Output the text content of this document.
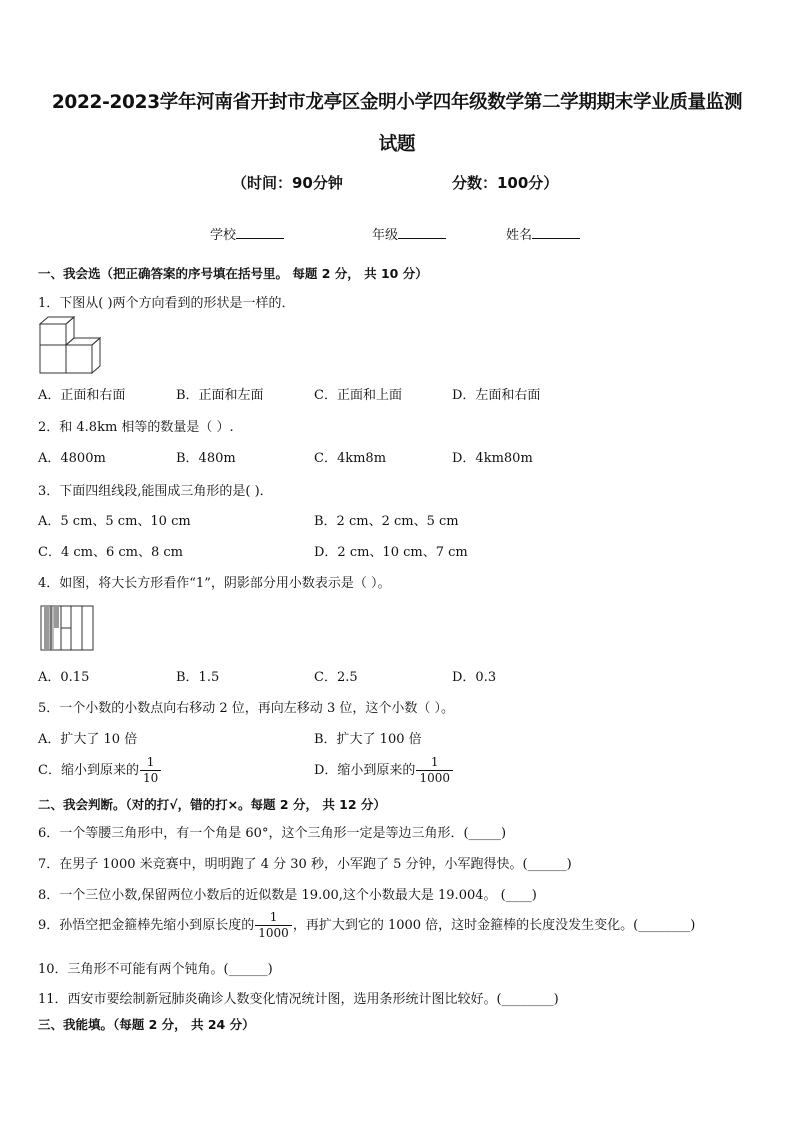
2022-2023学年河南省开封市龙亭区金明小学四年级数学第二学期期末学业质量监测
试题
（时间：90分钟	分数：100分）
学校	年级	姓名
一、我会选（把正确答案的序号填在括号里。 每题 2 分， 共 10 分）
1．下图从( )两个方向看到的形状是一样的．
A．正面和右面	B．正面和左面	C．正面和上面	D．左面和右面
2．和 4.8km 相等的数量是（ ）.
A．4800m	B．480m	C．4km8m	D．4km80m
3．下面四组线段,能围成三角形的是( )．
A．5 cm、5 cm、10 cm	B．2 cm、2 cm、5 cm
C．4 cm、6 cm、8 cm	D．2 cm、10 cm、7 cm
4．如图，将大长方形看作“1”，阴影部分用小数表示是（ ）。
A．0.15	B．1.5	C．2.5	D．0.3
5．一个小数的小数点向右移动 2 位，再向左移动 3 位，这个小数（ ）。
A．扩大了 10 倍	B．扩大了 100 倍
C．缩小到原来的 $\frac{1}{10}$	D．缩小到原来的 $\frac{1}{1000}$
二、我会判断。（对的打√，错的打×。每题 2 分， 共 12 分）
6．一个等腰三角形中，有一个角是 60°，这个三角形一定是等边三角形．(_____)
7．在男子 1000 米竞赛中，明明跑了 4 分 30 秒，小军跑了 5 分钟，小军跑得快。(______)
8．一个三位小数,保留两位小数后的近似数是 19.00,这个小数最大是 19.004。 (____)
9．孙悟空把金箍棒先缩小到原长度的 $\frac{1}{1000}$ ，再扩大到它的 1000 倍，这时金箍棒的长度没发生变化。(________)
10．三角形不可能有两个钝角。(______)
11．西安市要绘制新冠肺炎确诊人数变化情况统计图，选用条形统计图比较好。(________)
三、我能填。（每题 2 分， 共 24 分）
